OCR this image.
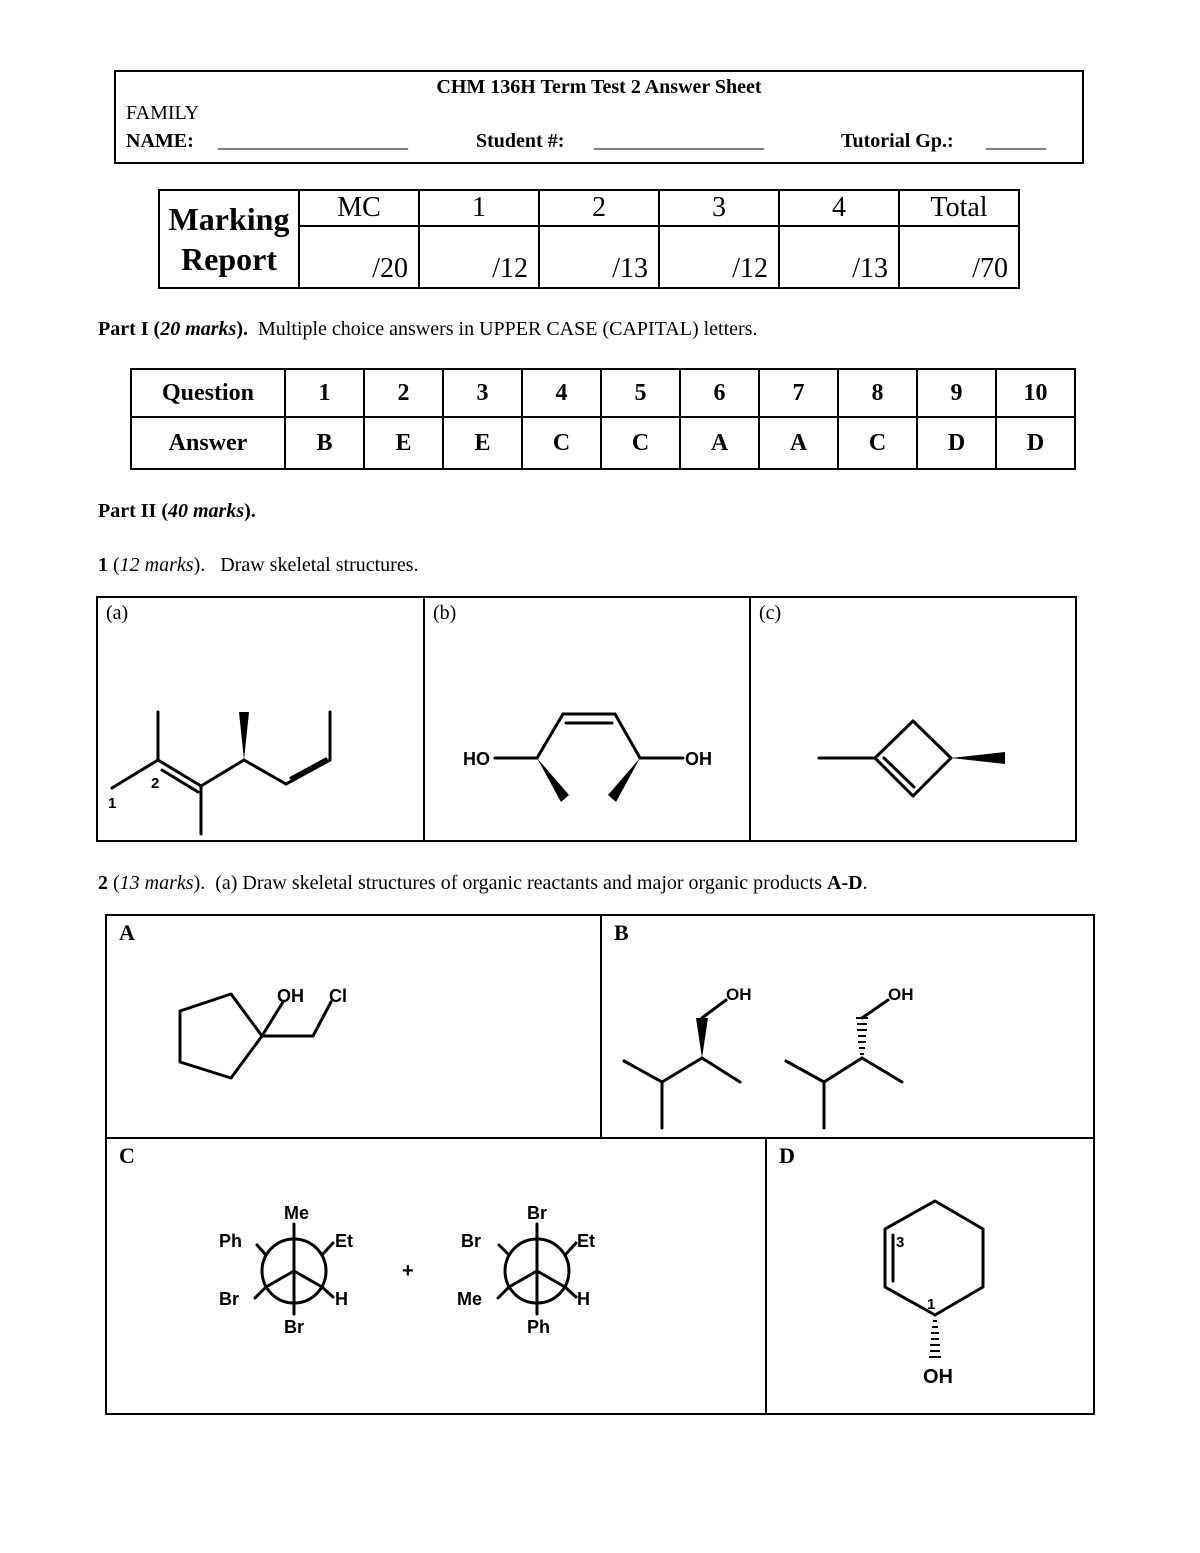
CHM 136H Term Test 2 Answer Sheet
FAMILY
NAME: ___________________	Student #: _________________	Tutorial Gp.: ______
Marking
Report	MC	1	2	3	4	Total
	/20	/12	/13	/12	/13	/70
Part I (20 marks). Multiple choice answers in UPPER CASE (CAPITAL) letters.
Question	1	2	3	4	5	6	7	8	9	10
Answer	B	E	E	C	C	A	A	C	D	D
Part II (40 marks).
1 (12 marks).   Draw skeletal structures.
(a)
1
2
(b)
HO	OH
(c)
2 (13 marks).  (a) Draw skeletal structures of organic reactants and major organic products A-D.
A
OH Cl
B
OH	OH
C
Me
Ph	Et
Br	H
Br
+
Br
Br	Et
Me	H
Ph
D
3
1
OH
